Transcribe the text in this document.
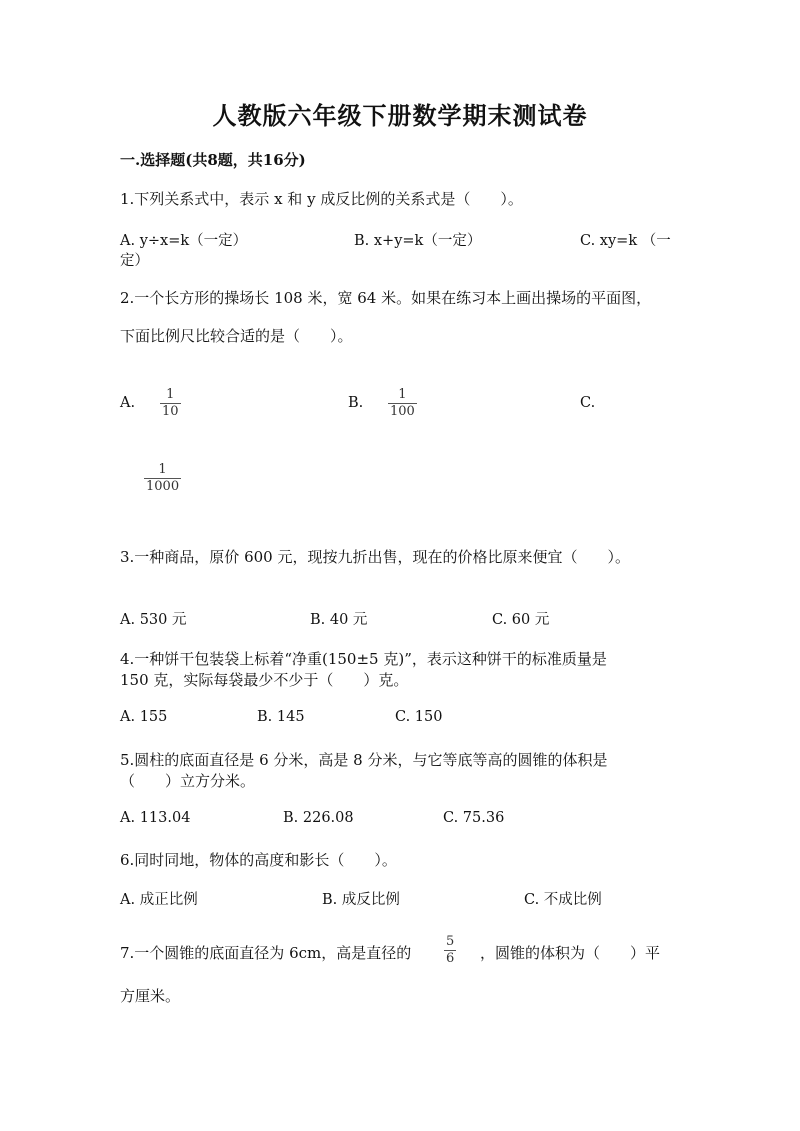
人教版六年级下册数学期末测试卷
一.选择题(共8题，共16分)
1.下列关系式中，表示 x 和 y 成反比例的关系式是（　　）。
A. y÷x=k（一定）	B. x+y=k（一定）	C. xy=k （一
定）
2.一个长方形的操场长 108 米，宽 64 米。如果在练习本上画出操场的平面图，
下面比例尺比较合适的是（　　）。
A.
1
10
B.
1
100
C.
1
1000
3.一种商品，原价 600 元，现按九折出售，现在的价格比原来便宜（　　）。
A. 530 元	B. 40 元	C. 60 元
4.一种饼干包装袋上标着“净重(150±5 克)”，表示这种饼干的标准质量是
150 克，实际每袋最少不少于（　　）克。
A. 155	B. 145	C. 150
5.圆柱的底面直径是 6 分米，高是 8 分米，与它等底等高的圆锥的体积是
（　　）立方分米。
A. 113.04	B. 226.08	C. 75.36
6.同时同地，物体的高度和影长（　　）。
A. 成正比例	B. 成反比例	C. 不成比例
7.一个圆锥的底面直径为 6cm，高是直径的
5
6 ，圆锥的体积为（　　）平
方厘米。
